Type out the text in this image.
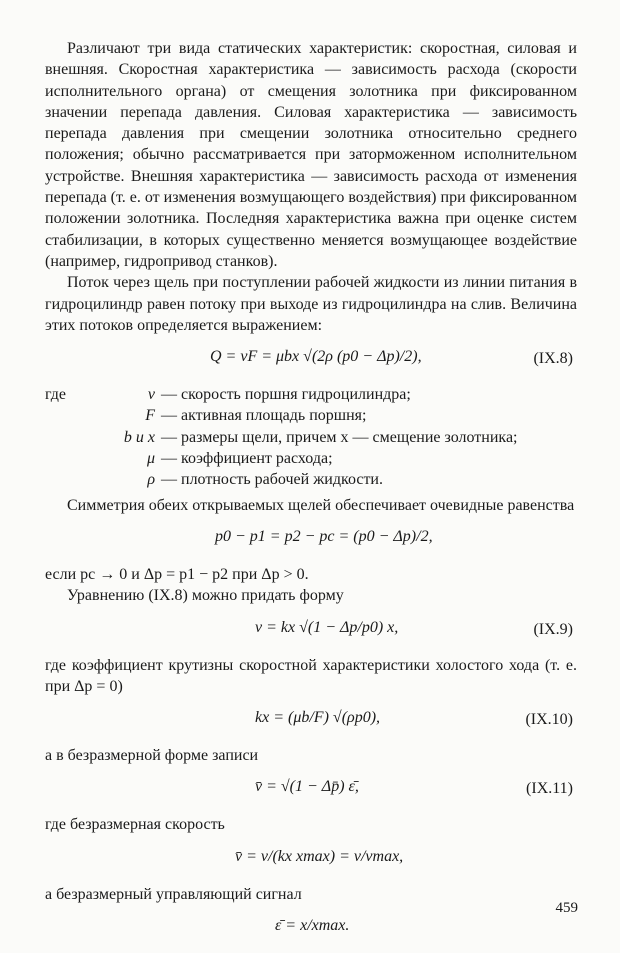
Различают три вида статических характеристик: скоростная, силовая и внешняя. Скоростная характеристика — зависимость расхода (скорости исполнительного органа) от смещения золотника при фиксированном значении перепада давления. Силовая характеристика — зависимость перепада давления при смещении золотника относительно среднего положения; обычно рассматривается при заторможенном исполнительном устройстве. Внешняя характеристика — зависимость расхода от изменения перепада (т. е. от изменения возмущающего воздействия) при фиксированном положении золотника. Последняя характеристика важна при оценке систем стабилизации, в которых существенно меняется возмущающее воздействие (например, гидропривод станков).

Поток через щель при поступлении рабочей жидкости из линии питания в гидроцилиндр равен потоку при выходе из гидроцилиндра на слив. Величина этих потоков определяется выражением:

Q = vF = μbx √(2ρ (p0 − Δp)/2),	(IX.8)
где	v — скорость поршня гидроцилиндра;
F — активная площадь поршня;
b и x — размеры щели, причем x — смещение золотника;
μ — коэффициент расхода;
ρ — плотность рабочей жидкости.

Симметрия обеих открываемых щелей обеспечивает очевидные равенства

p0 − p1 = p2 − pc = (p0 − Δp)/2,

если pc → 0 и Δp = p1 − p2 при Δp > 0.

Уравнению (IX.8) можно придать форму

v = kx √(1 − Δp/p0) x,	(IX.9)

где коэффициент крутизны скоростной характеристики холостого хода (т. е. при Δp = 0)

kx = (μb/F) √(ρp0),	(IX.10)

а в безразмерной форме записи

v̄ = √(1 − Δp̄) ε̄,	(IX.11)

где безразмерная скорость

v̄ = v/(kx xmax) = v/vmax,

а безразмерный управляющий сигнал

ε̄ = x/xmax.
459
